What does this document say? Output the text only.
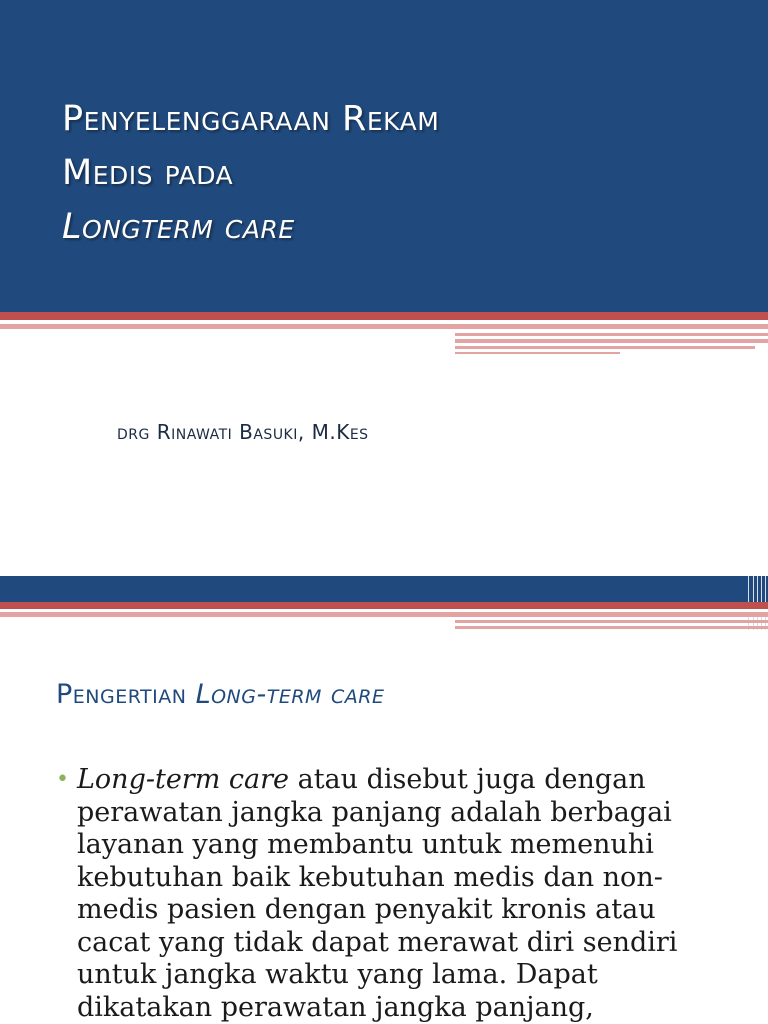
Penyelenggaraan Rekam
Medis pada
Longterm care
drg Rinawati Basuki, M.Kes
Pengertian Long-term care
• Long-term care atau disebut juga dengan perawatan jangka panjang adalah berbagai layanan yang membantu untuk memenuhi kebutuhan baik kebutuhan medis dan non-medis pasien dengan penyakit kronis atau cacat yang tidak dapat merawat diri sendiri untuk jangka waktu yang lama. Dapat dikatakan perawatan jangka panjang,
